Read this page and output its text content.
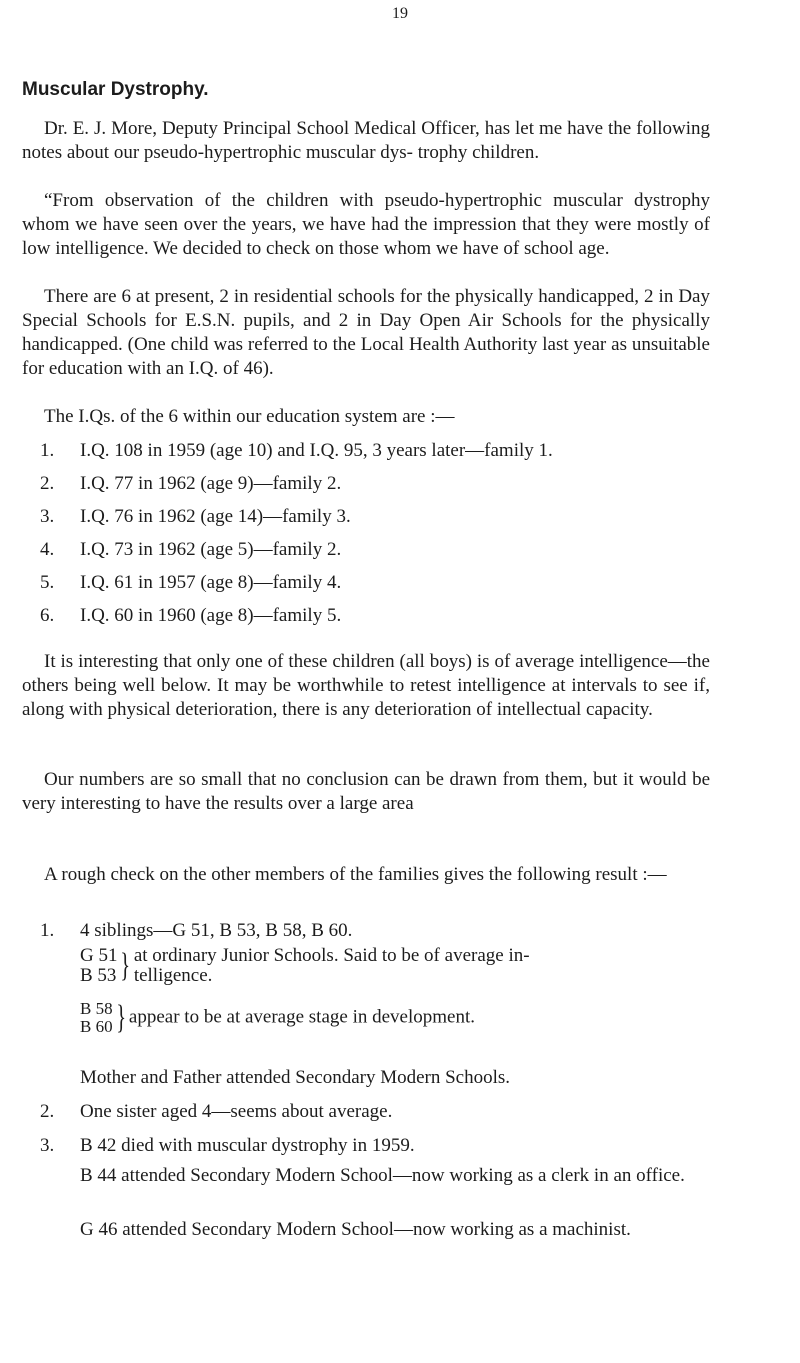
19
Muscular Dystrophy.

Dr. E. J. More, Deputy Principal School Medical Officer, has let me have the following notes about our pseudo-hypertrophic muscular dys- trophy children.

“From observation of the children with pseudo-hypertrophic muscular dystrophy whom we have seen over the years, we have had the impression that they were mostly of low intelligence. We decided to check on those whom we have of school age.

There are 6 at present, 2 in residential schools for the physically handicapped, 2 in Day Special Schools for E.S.N. pupils, and 2 in Day Open Air Schools for the physically handicapped. (One child was referred to the Local Health Authority last year as unsuitable for education with an I.Q. of 46).

The I.Qs. of the 6 within our education system are :—

1. I.Q. 108 in 1959 (age 10) and I.Q. 95, 3 years later—family 1.
2. I.Q. 77 in 1962 (age 9)—family 2.
3. I.Q. 76 in 1962 (age 14)—family 3.
4. I.Q. 73 in 1962 (age 5)—family 2.
5. I.Q. 61 in 1957 (age 8)—family 4.
6. I.Q. 60 in 1960 (age 8)—family 5.

It is interesting that only one of these children (all boys) is of average intelligence—the others being well below. It may be worthwhile to retest intelligence at intervals to see if, along with physical deterioration, there is any deterioration of intellectual capacity.

Our numbers are so small that no conclusion can be drawn from them, but it would be very interesting to have the results over a large area

A rough check on the other members of the families gives the following result :—

1. 4 siblings—G 51, B 53, B 58, B 60.
G 51
B 53 } at ordinary Junior Schools. Said to be of average in-
telligence.
B 58
B 60} appear to be at average stage in development.
Mother and Father attended Secondary Modern Schools.
2. One sister aged 4—seems about average.
3. B 42 died with muscular dystrophy in 1959.
B 44 attended Secondary Modern School—now working as a clerk in an office.
G 46 attended Secondary Modern School—now working as a machinist.
